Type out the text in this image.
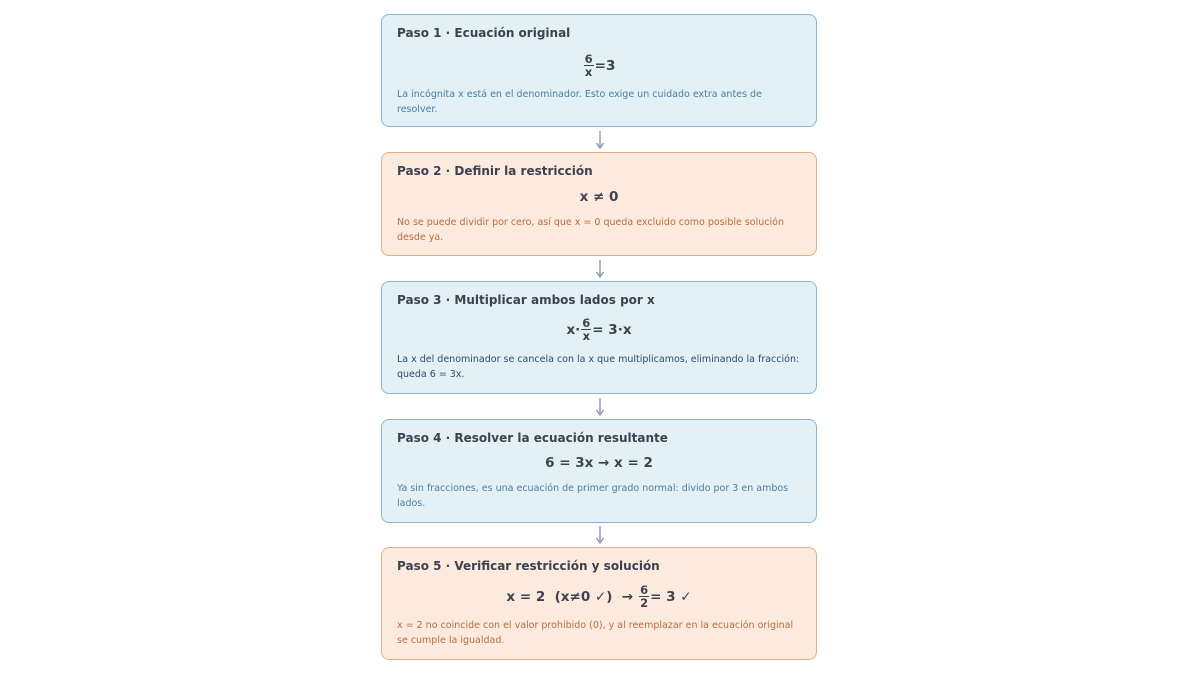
Paso 1 · Ecuación original
$\frac{6}{x} =3$
La incógnita x está en el denominador. Esto exige un cuidado extra antes de resolver.
Paso 2 · Definir la restricción
x ≠ 0
No se puede dividir por cero, así que x = 0 queda excluido como posible solución desde ya.
Paso 3 · Multiplicar ambos lados por x
$x\cdot \frac{6}{x} = 3\cdot x$
La x del denominador se cancela con la x que multiplicamos, eliminando la fracción: queda 6 = 3x.
Paso 4 · Resolver la ecuación resultante
6 = 3x → x = 2
Ya sin fracciones, es una ecuación de primer grado normal: divido por 3 en ambos lados.
Paso 5 · Verificar restricción y solución
x = 2  (x≠0 ✓)  → $\frac{6}{2} = 3$ ✓
x = 2 no coincide con el valor prohibido (0), y al reemplazar en la ecuación original se cumple la igualdad.
